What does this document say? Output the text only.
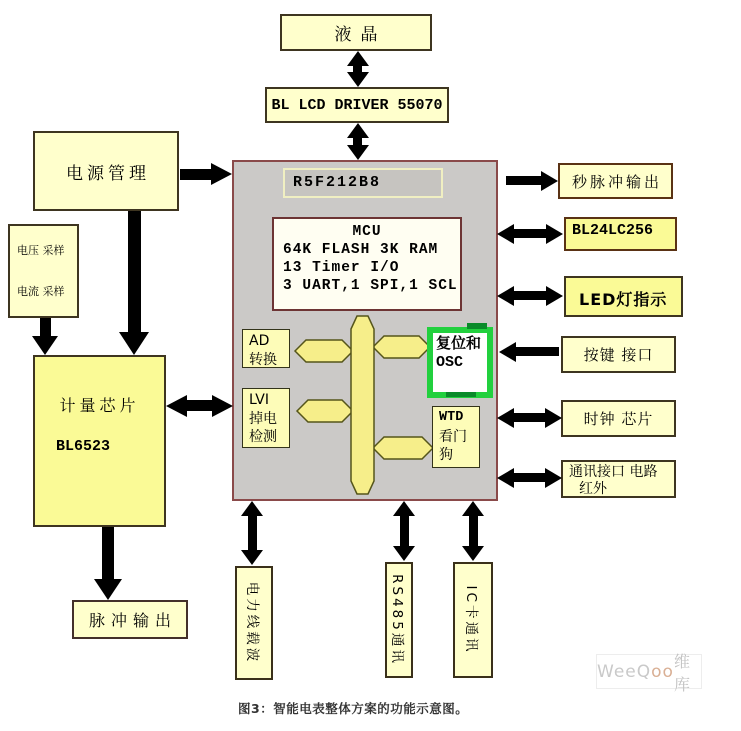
液晶
BL LCD DRIVER 55070
R5F212B8
MCU
64K FLASH 3K RAM
13 Timer I/O
3 UART,1 SPI,1 SCL
AD
转换
LVI
掉电
检测
复位和
OSC
WTD
看门
狗
电源管理
电压 采样
电流 采样
计量芯片
BL6523
脉冲输出
秒脉冲输出
BL24LC256
LED灯指示
按键 接口
时钟 芯片
通讯接口 电路
红外
电力线载波	RS485通讯	IC卡通讯
图3：智能电表整体方案的功能示意图。
WeeQ oo
维库
